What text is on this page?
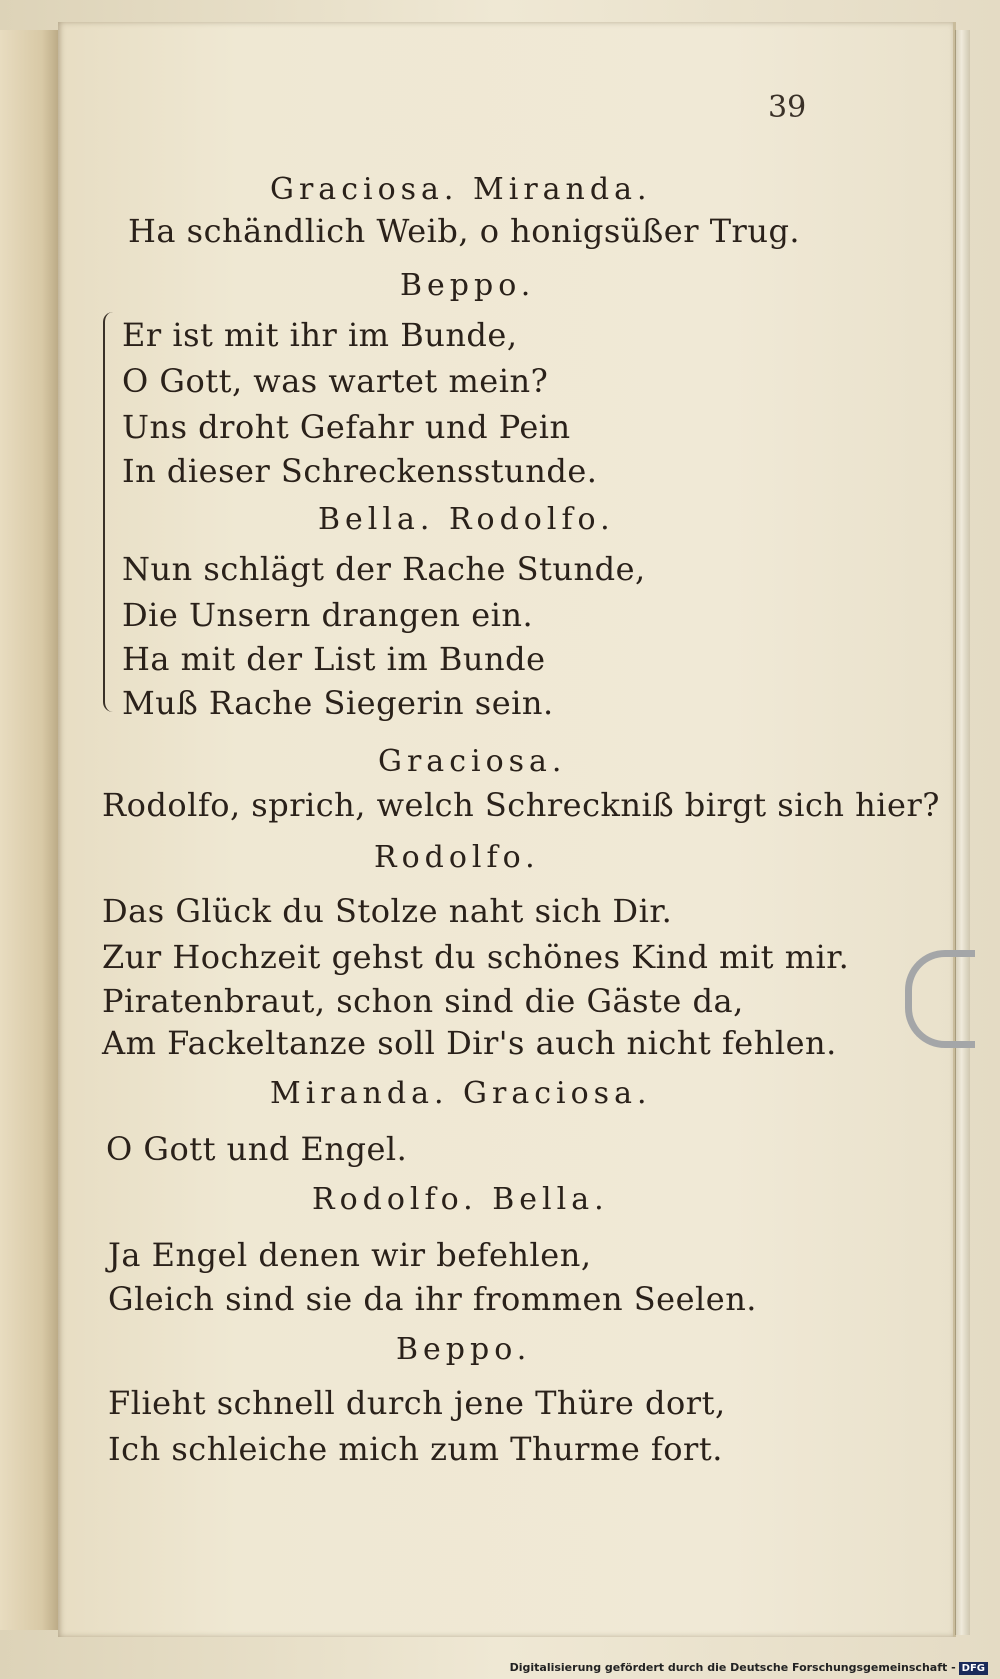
39
Graciosa. Miranda.
Ha schändlich Weib, o honigsüßer Trug.
Beppo.
Er ist mit ihr im Bunde,
O Gott, was wartet mein?
Uns droht Gefahr und Pein
In dieser Schreckensstunde.
Bella. Rodolfo.
Nun schlägt der Rache Stunde,
Die Unsern drangen ein.
Ha mit der List im Bunde
Muß Rache Siegerin sein.
Graciosa.
Rodolfo, sprich, welch Schreckniß birgt sich hier?
Rodolfo.
Das Glück du Stolze naht sich Dir.
Zur Hochzeit gehst du schönes Kind mit mir.
Piratenbraut, schon sind die Gäste da,
Am Fackeltanze soll Dir's auch nicht fehlen.
Miranda. Graciosa.
O Gott und Engel.
Rodolfo. Bella.
Ja Engel denen wir befehlen,
Gleich sind sie da ihr frommen Seelen.
Beppo.
Flieht schnell durch jene Thüre dort,
Ich schleiche mich zum Thurme fort.
Digitalisierung gefördert durch die Deutsche Forschungsgemeinschaft - DFG
